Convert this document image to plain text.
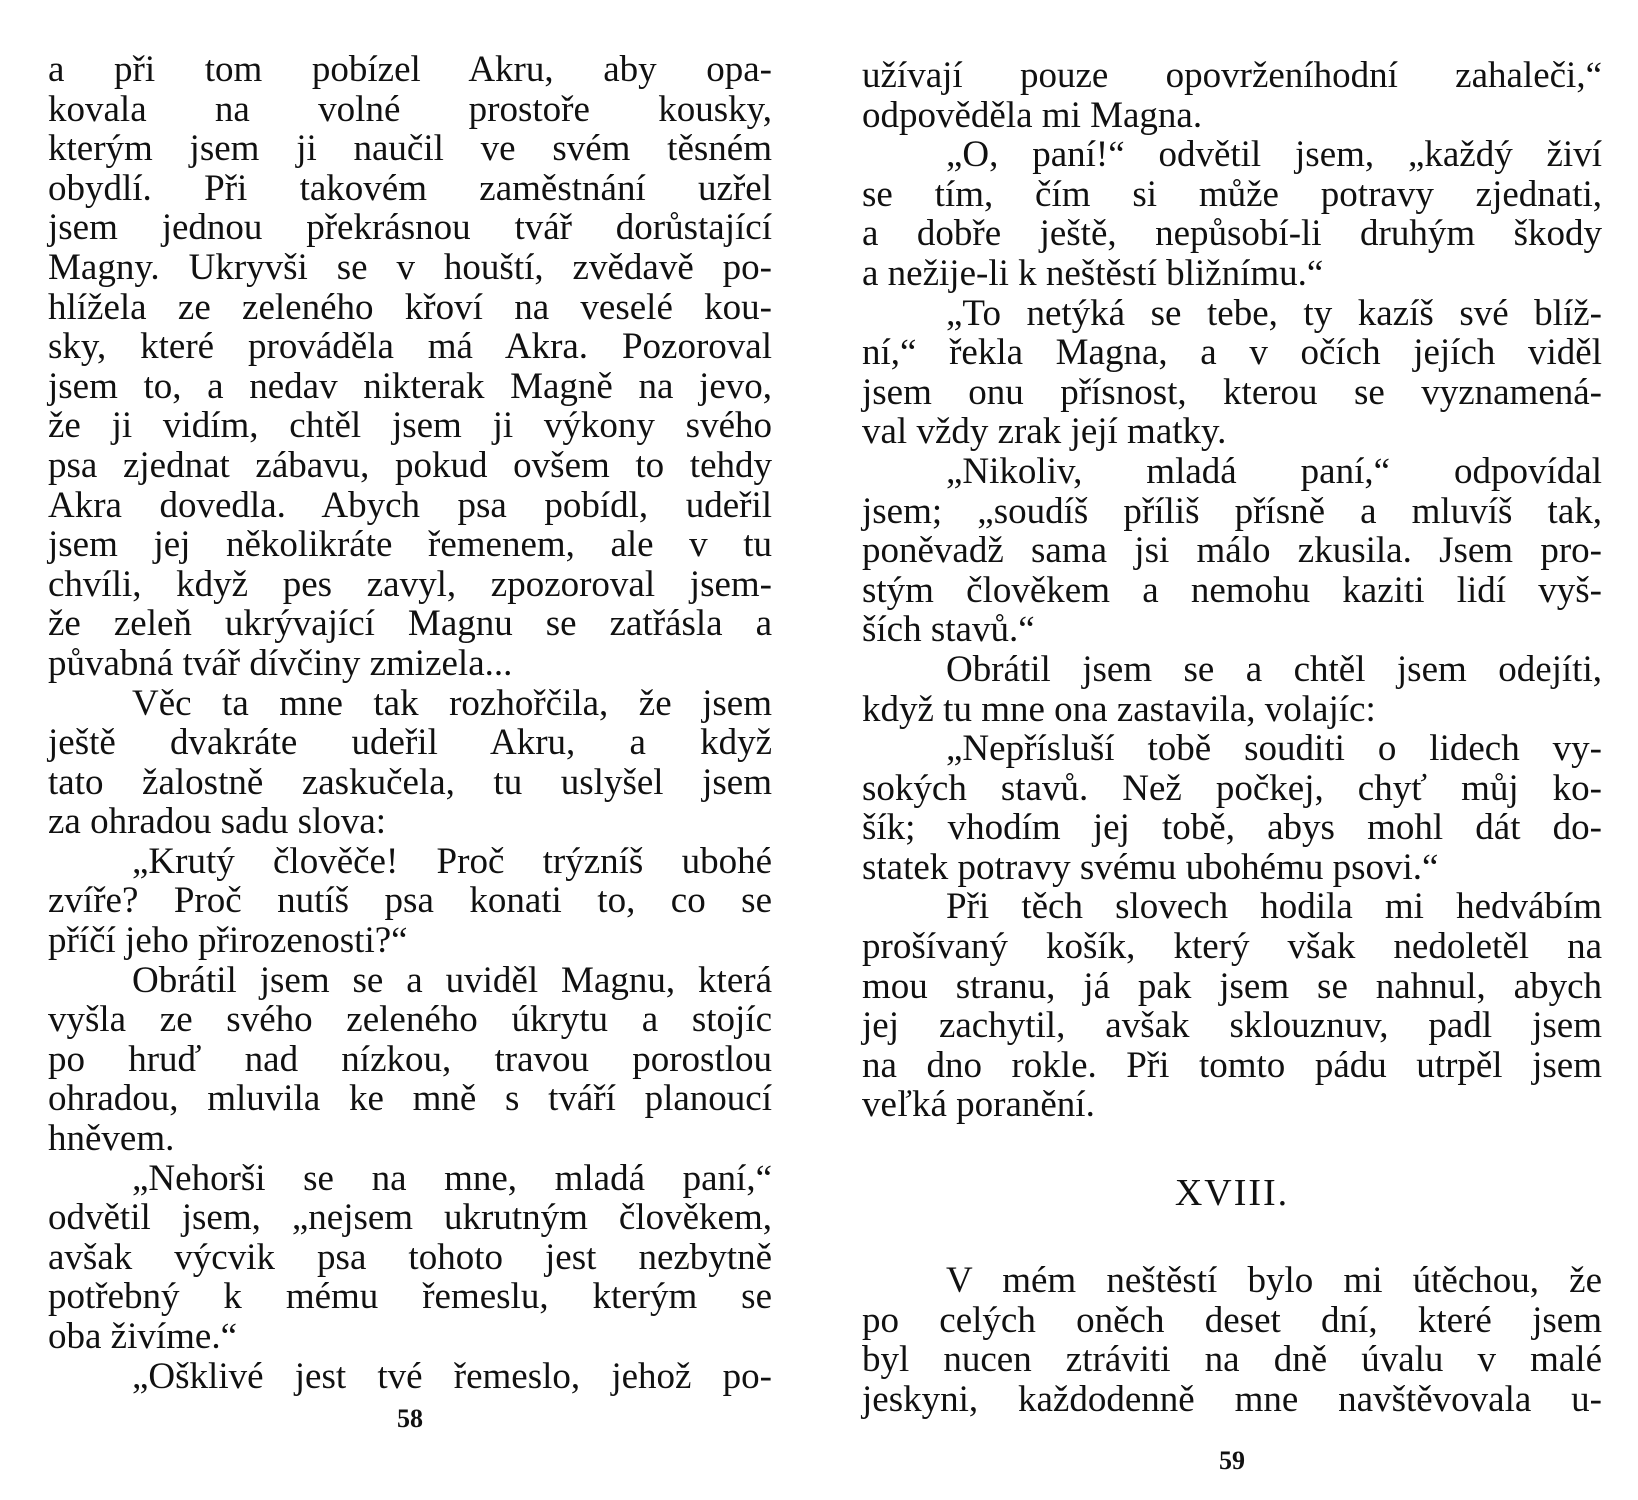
a při tom pobízel Akru, aby opa-
kovala na volné prostoře kousky,
kterým jsem ji naučil ve svém těsném
obydlí. Při takovém zaměstnání uzřel
jsem jednou překrásnou tvář dorůstající
Magny. Ukryvši se v houští, zvědavě po-
hlížela ze zeleného křoví na veselé kou-
sky, které prováděla má Akra. Pozoroval
jsem to, a nedav nikterak Magně na jevo,
že ji vidím, chtěl jsem ji výkony svého
psa zjednat zábavu, pokud ovšem to tehdy
Akra dovedla. Abych psa pobídl, udeřil
jsem jej několikráte řemenem, ale v tu
chvíli, když pes zavyl, zpozoroval jsem-
že zeleň ukrývající Magnu se zatřásla a
půvabná tvář dívčiny zmizela...
Věc ta mne tak rozhořčila, že jsem
ještě dvakráte udeřil Akru, a když
tato žalostně zaskučela, tu uslyšel jsem
za ohradou sadu slova:
„Krutý člověče! Proč trýzníš ubohé
zvíře? Proč nutíš psa konati to, co se
příčí jeho přirozenosti?“
Obrátil jsem se a uviděl Magnu, která
vyšla ze svého zeleného úkrytu a stojíc
po hruď nad nízkou, travou porostlou
ohradou, mluvila ke mně s tváří planoucí
hněvem.
„Nehorši se na mne, mladá paní,“
odvětil jsem, „nejsem ukrutným člověkem,
avšak výcvik psa tohoto jest nezbytně
potřebný k mému řemeslu, kterým se
oba živíme.“
„Ošklivé jest tvé řemeslo, jehož po-
58
užívají pouze opovrženíhodní zahaleči,“
odpověděla mi Magna.
„O, paní!“ odvětil jsem, „každý živí
se tím, čím si může potravy zjednati,
a dobře ještě, nepůsobí-li druhým škody
a nežije-li k neštěstí bližnímu.“
„To netýká se tebe, ty kazíš své blíž-
ní,“ řekla Magna, a v očích jejích viděl
jsem onu přísnost, kterou se vyznamená-
val vždy zrak její matky.
„Nikoliv, mladá paní,“ odpovídal
jsem; „soudíš příliš přísně a mluvíš tak,
poněvadž sama jsi málo zkusila. Jsem pro-
stým člověkem a nemohu kaziti lidí vyš-
ších stavů.“
Obrátil jsem se a chtěl jsem odejíti,
když tu mne ona zastavila, volajíc:
„Nepřísluší tobě souditi o lidech vy-
sokých stavů. Než počkej, chyť můj ko-
šík; vhodím jej tobě, abys mohl dát do-
statek potravy svému ubohému psovi.“
Při těch slovech hodila mi hedvábím
prošívaný košík, který však nedoletěl na
mou stranu, já pak jsem se nahnul, abych
jej zachytil, avšak sklouznuv, padl jsem
na dno rokle. Při tomto pádu utrpěl jsem
veľká poranění.
XVIII.
V mém neštěstí bylo mi útěchou, že
po celých oněch deset dní, které jsem
byl nucen ztráviti na dně úvalu v malé
jeskyni, každodenně mne navštěvovala u-
59
